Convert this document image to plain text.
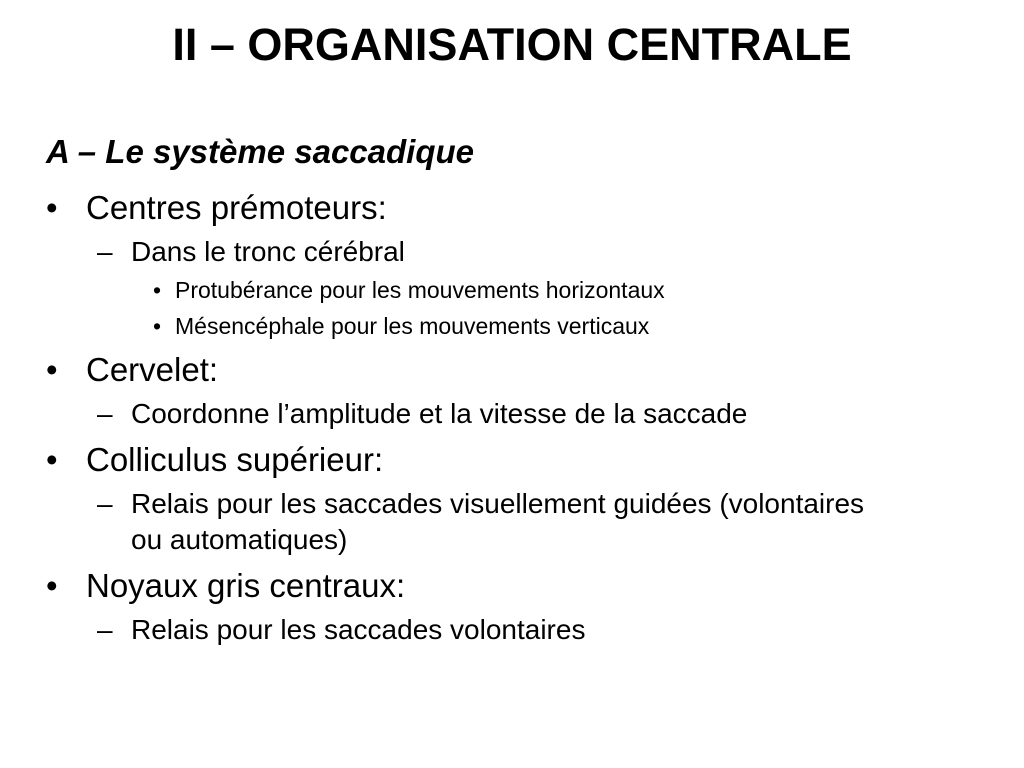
II – ORGANISATION CENTRALE
A – Le système saccadique
• Centres prémoteurs:
– Dans le tronc cérébral
• Protubérance pour les mouvements horizontaux
• Mésencéphale pour les mouvements verticaux
• Cervelet:
– Coordonne l’amplitude et la vitesse de la saccade
• Colliculus supérieur:
– Relais pour les saccades visuellement guidées (volontaires ou automatiques)
• Noyaux gris centraux:
– Relais pour les saccades volontaires
